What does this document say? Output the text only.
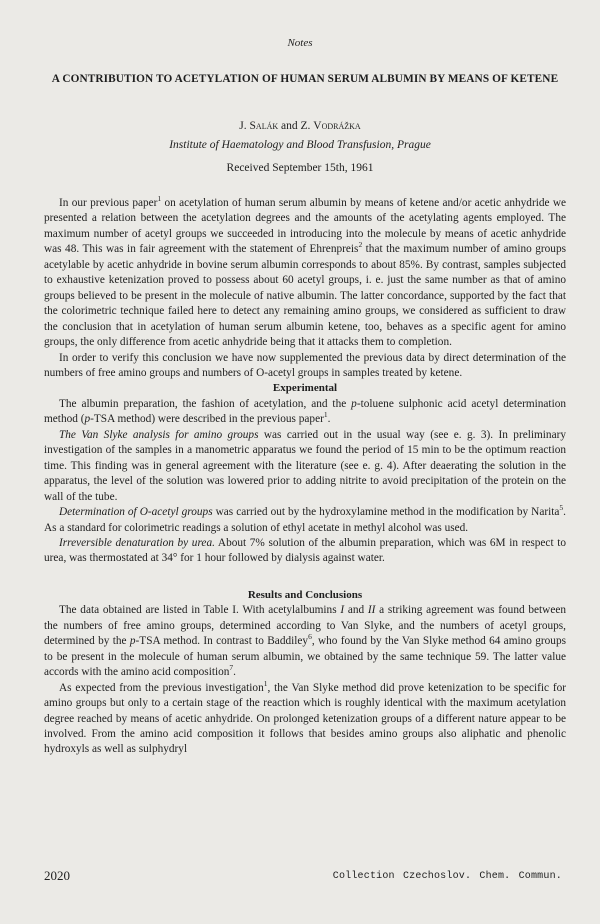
Notes
A CONTRIBUTION TO ACETYLATION OF HUMAN SERUM ALBUMIN BY MEANS OF KETENE
J. Salák and Z. Vodrážka
Institute of Haematology and Blood Transfusion, Prague
Received September 15th, 1961

In our previous paper$^1$ on acetylation of human serum albumin by means of ketene and/or acetic anhydride we presented a relation between the acetylation degrees and the amounts of the acetylating agents employed. The maximum number of acetyl groups we succeeded in introducing into the molecule by means of acetic anhydride was 48. This was in fair agreement with the statement of Ehrenpreis$^2$ that the maximum number of amino groups acetylable by acetic anhydride in bovine serum albumin corresponds to about 85%. By contrast, samples subjected to exhaustive ketenization proved to possess about 60 acetyl groups, i. e. just the same number as that of amino groups believed to be present in the molecule of native albumin. The latter concordance, supported by the fact that the colorimetric technique failed here to detect any remaining amino groups, we considered as sufficient to draw the conclusion that in acetylation of human serum albumin ketene, too, behaves as a specific agent for amino groups, the only difference from acetic anhydride being that it attacks them to completion.

In order to verify this conclusion we have now supplemented the previous data by direct determination of the numbers of free amino groups and numbers of O-acetyl groups in samples treated by ketene.

Experimental

The albumin preparation, the fashion of acetylation, and the p-toluene sulphonic acid acetyl determination method (p-TSA method) were described in the previous paper$^1$.

The Van Slyke analysis for amino groups was carried out in the usual way (see e. g. 3). In preliminary investigation of the samples in a manometric apparatus we found the period of 15 min to be the optimum reaction time. This finding was in general agreement with the literature (see e. g. 4). After deaerating the solution in the apparatus, the level of the solution was lowered prior to adding nitrite to avoid precipitation of the protein on the wall of the tube.

Determination of O-acetyl groups was carried out by the hydroxylamine method in the modification by Narita$^5$. As a standard for colorimetric readings a solution of ethyl acetate in methyl alcohol was used.

Irreversible denaturation by urea. About 7% solution of the albumin preparation, which was 6M in respect to urea, was thermostated at 34° for 1 hour followed by dialysis against water.

Results and Conclusions

The data obtained are listed in Table I. With acetylalbumins I and II a striking agreement was found between the numbers of free amino groups, determined according to Van Slyke, and the numbers of acetyl groups, determined by the p-TSA method. In contrast to Baddiley$^6$, who found by the Van Slyke method 64 amino groups to be present in the molecule of human serum albumin, we obtained by the same technique 59. The latter value accords with the amino acid composition$^7$.

As expected from the previous investigation$^1$, the Van Slyke method did prove ketenization to be specific for amino groups but only to a certain stage of the reaction which is roughly identical with the maximum acetylation degree reached by means of acetic anhydride. On prolonged ketenization groups of a different nature appear to be involved. From the amino acid composition it follows that besides amino groups also aliphatic and phenolic hydroxyls as well as sulphydryl

2020	Collection Czechoslov. Chem. Commun.
